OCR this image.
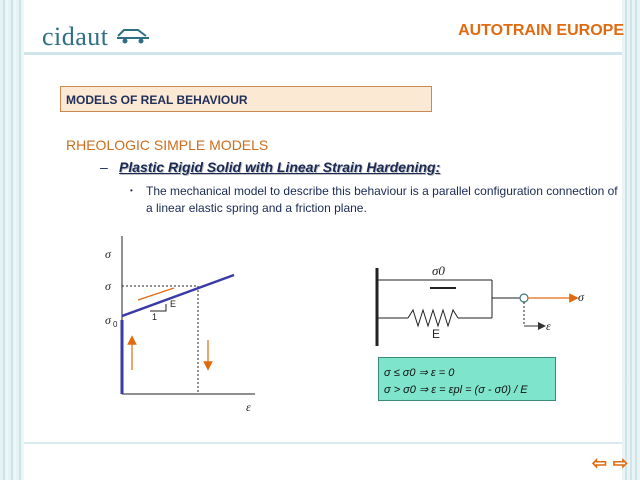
cidaut	AUTOTRAIN EUROPE
MODELS OF REAL BEHAVIOUR
RHEOLOGIC SIMPLE MODELS
– Plastic Rigid Solid with Linear Strain Hardening:
• The mechanical model to describe this behaviour is a parallel configuration connection of a linear elastic spring and a friction plane.
σ
σ
σ 0
E
1
ε
σ0
E
σ
ε
σ ≤ σ0 ⇒ ε = 0
σ > σ0 ⇒ ε = εpl = (σ - σ0) / E
⇦ ⇨
